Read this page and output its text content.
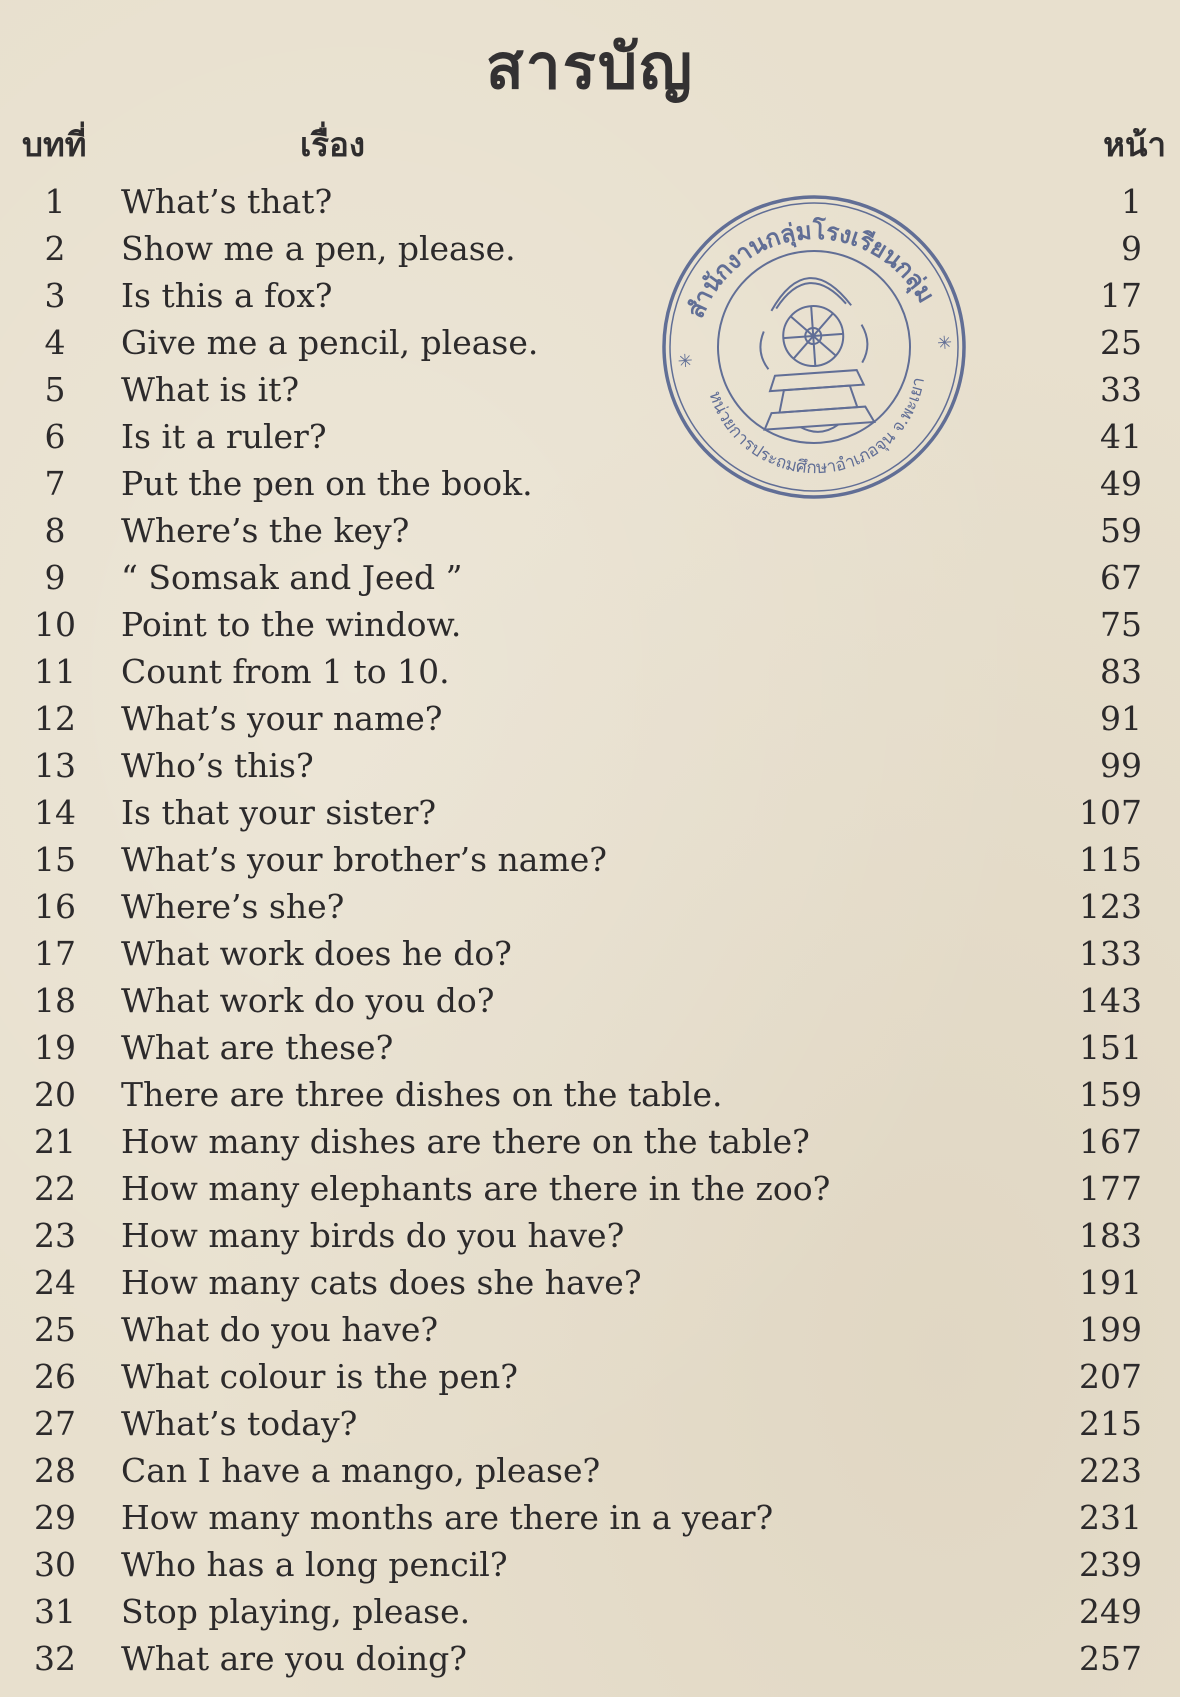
สารบัญ
บทที่	เรื่อง	หน้า
1	What’s that?	1
2	Show me a pen, please.	9
3	Is this a fox?	17
4	Give me a pencil, please.	25
5	What is it?	33
6	Is it a ruler?	41
7	Put the pen on the book.	49
8	Where’s the key?	59
9	“ Somsak and Jeed ”	67
10 Point to the window.	75
11 Count from 1 to 10.	83
12 What’s your name?	91
13 Who’s this?	99
14 Is that your sister?	107
15 What’s your brother’s name?	115
16 Where’s she?	123
17 What work does he do?	133
18 What work do you do?	143
19 What are these?	151
20 There are three dishes on the table.	159
21 How many dishes are there on the table?	167
22 How many elephants are there in the zoo?	177
23 How many birds do you have?	183
24 How many cats does she have?	191
25 What do you have?	199
26 What colour is the pen?	207
27 What’s today?	215
28 Can I have a mango, please?	223
29 How many months are there in a year?	231
30 Who has a long pencil?	239
31 Stop playing, please.	249
32 What are you doing?	257
สำนักงานกลุ่มโรงเรียนกลุ่ม
หน่วยการประถมศึกษาอำเภอจุน จ.พะเยา
✳
✳
